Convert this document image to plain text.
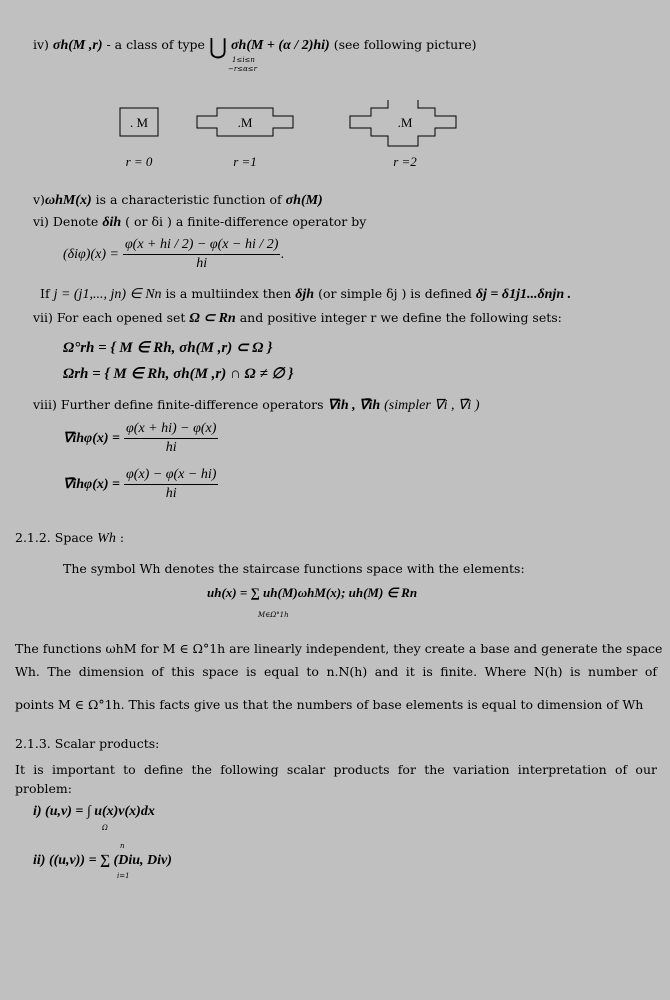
iv) σh(M ,r) - a class of type ⋃ σh(M + (α / 2)hi) (see following picture)
1≤i≤n
−r≤α≤r
. M	.M	.M
r = 0	r =1	r =2
v)ωhM(x) is a characteristic function of σh(M)
vi) Denote δih ( or δi ) a finite-difference operator by
$(\delta i\varphi)(x) = \frac{\varphi(x + hi / 2) - \varphi(x - hi / 2)}{hi}$ .
If j = (j1,..., jn) ∈ Nn is a multiindex then δjh (or simple δj ) is defined δj = δ1j1...δnjn .
vii) For each opened set Ω ⊂ Rn and positive integer r we define the following sets:
Ω°rh = { M ∈ Rh, σh(M ,r) ⊂ Ω }
Ωrh = { M ∈ Rh, σh(M ,r) ∩ Ω ≠ ∅ }
viii) Further define finite-difference operators ∇ih , ∇̄ih (simpler ∇i , ∇̄i )
$\nabla ih\varphi(x) = \frac{\varphi(x + hi) - \varphi(x)}{hi}$
∇̄ihφ(x) = $\frac{\varphi(x) - \varphi(x - hi)}{hi}$
2.1.2. Space Wh :
The symbol Wh denotes the staircase functions space with the elements:
uh(x) = ∑ uh(M)ωhM(x); uh(M) ∈ Rn
M∈Ω°1h
The functions ωhM for M ∈ Ω°1h are linearly independent, they create a base and generate the space
Wh. The dimension of this space is equal to n.N(h) and it is finite. Where N(h) is number of
points M ∈ Ω°1h. This facts give us that the numbers of base elements is equal to dimension of Wh
2.1.3. Scalar products:
It is important to define the following scalar products for the variation interpretation of our
problem:
i) (u,v) = ∫ u(x)v(x)dx
Ω
n
ii) ((u,v)) = ∑ (Diu, Div)
i=1
